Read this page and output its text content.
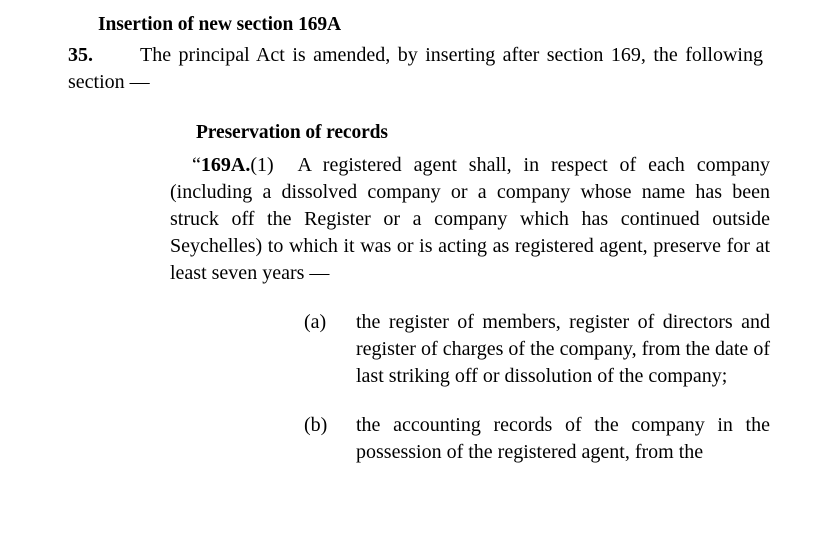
Insertion of new section 169A

35. The principal Act is amended, by inserting after section 169, the following section —

Preservation of records
“169A.(1) A registered agent shall, in respect of each company (including a dissolved company or a company whose name has been struck off the Register or a company which has continued outside Seychelles) to which it was or is acting as registered agent, preserve for at least seven years —
(a)	the register of members, register of directors and register of charges of the company, from the date of last striking off or dissolution of the company;
(b)	the accounting records of the company in the possession of the registered agent, from the
